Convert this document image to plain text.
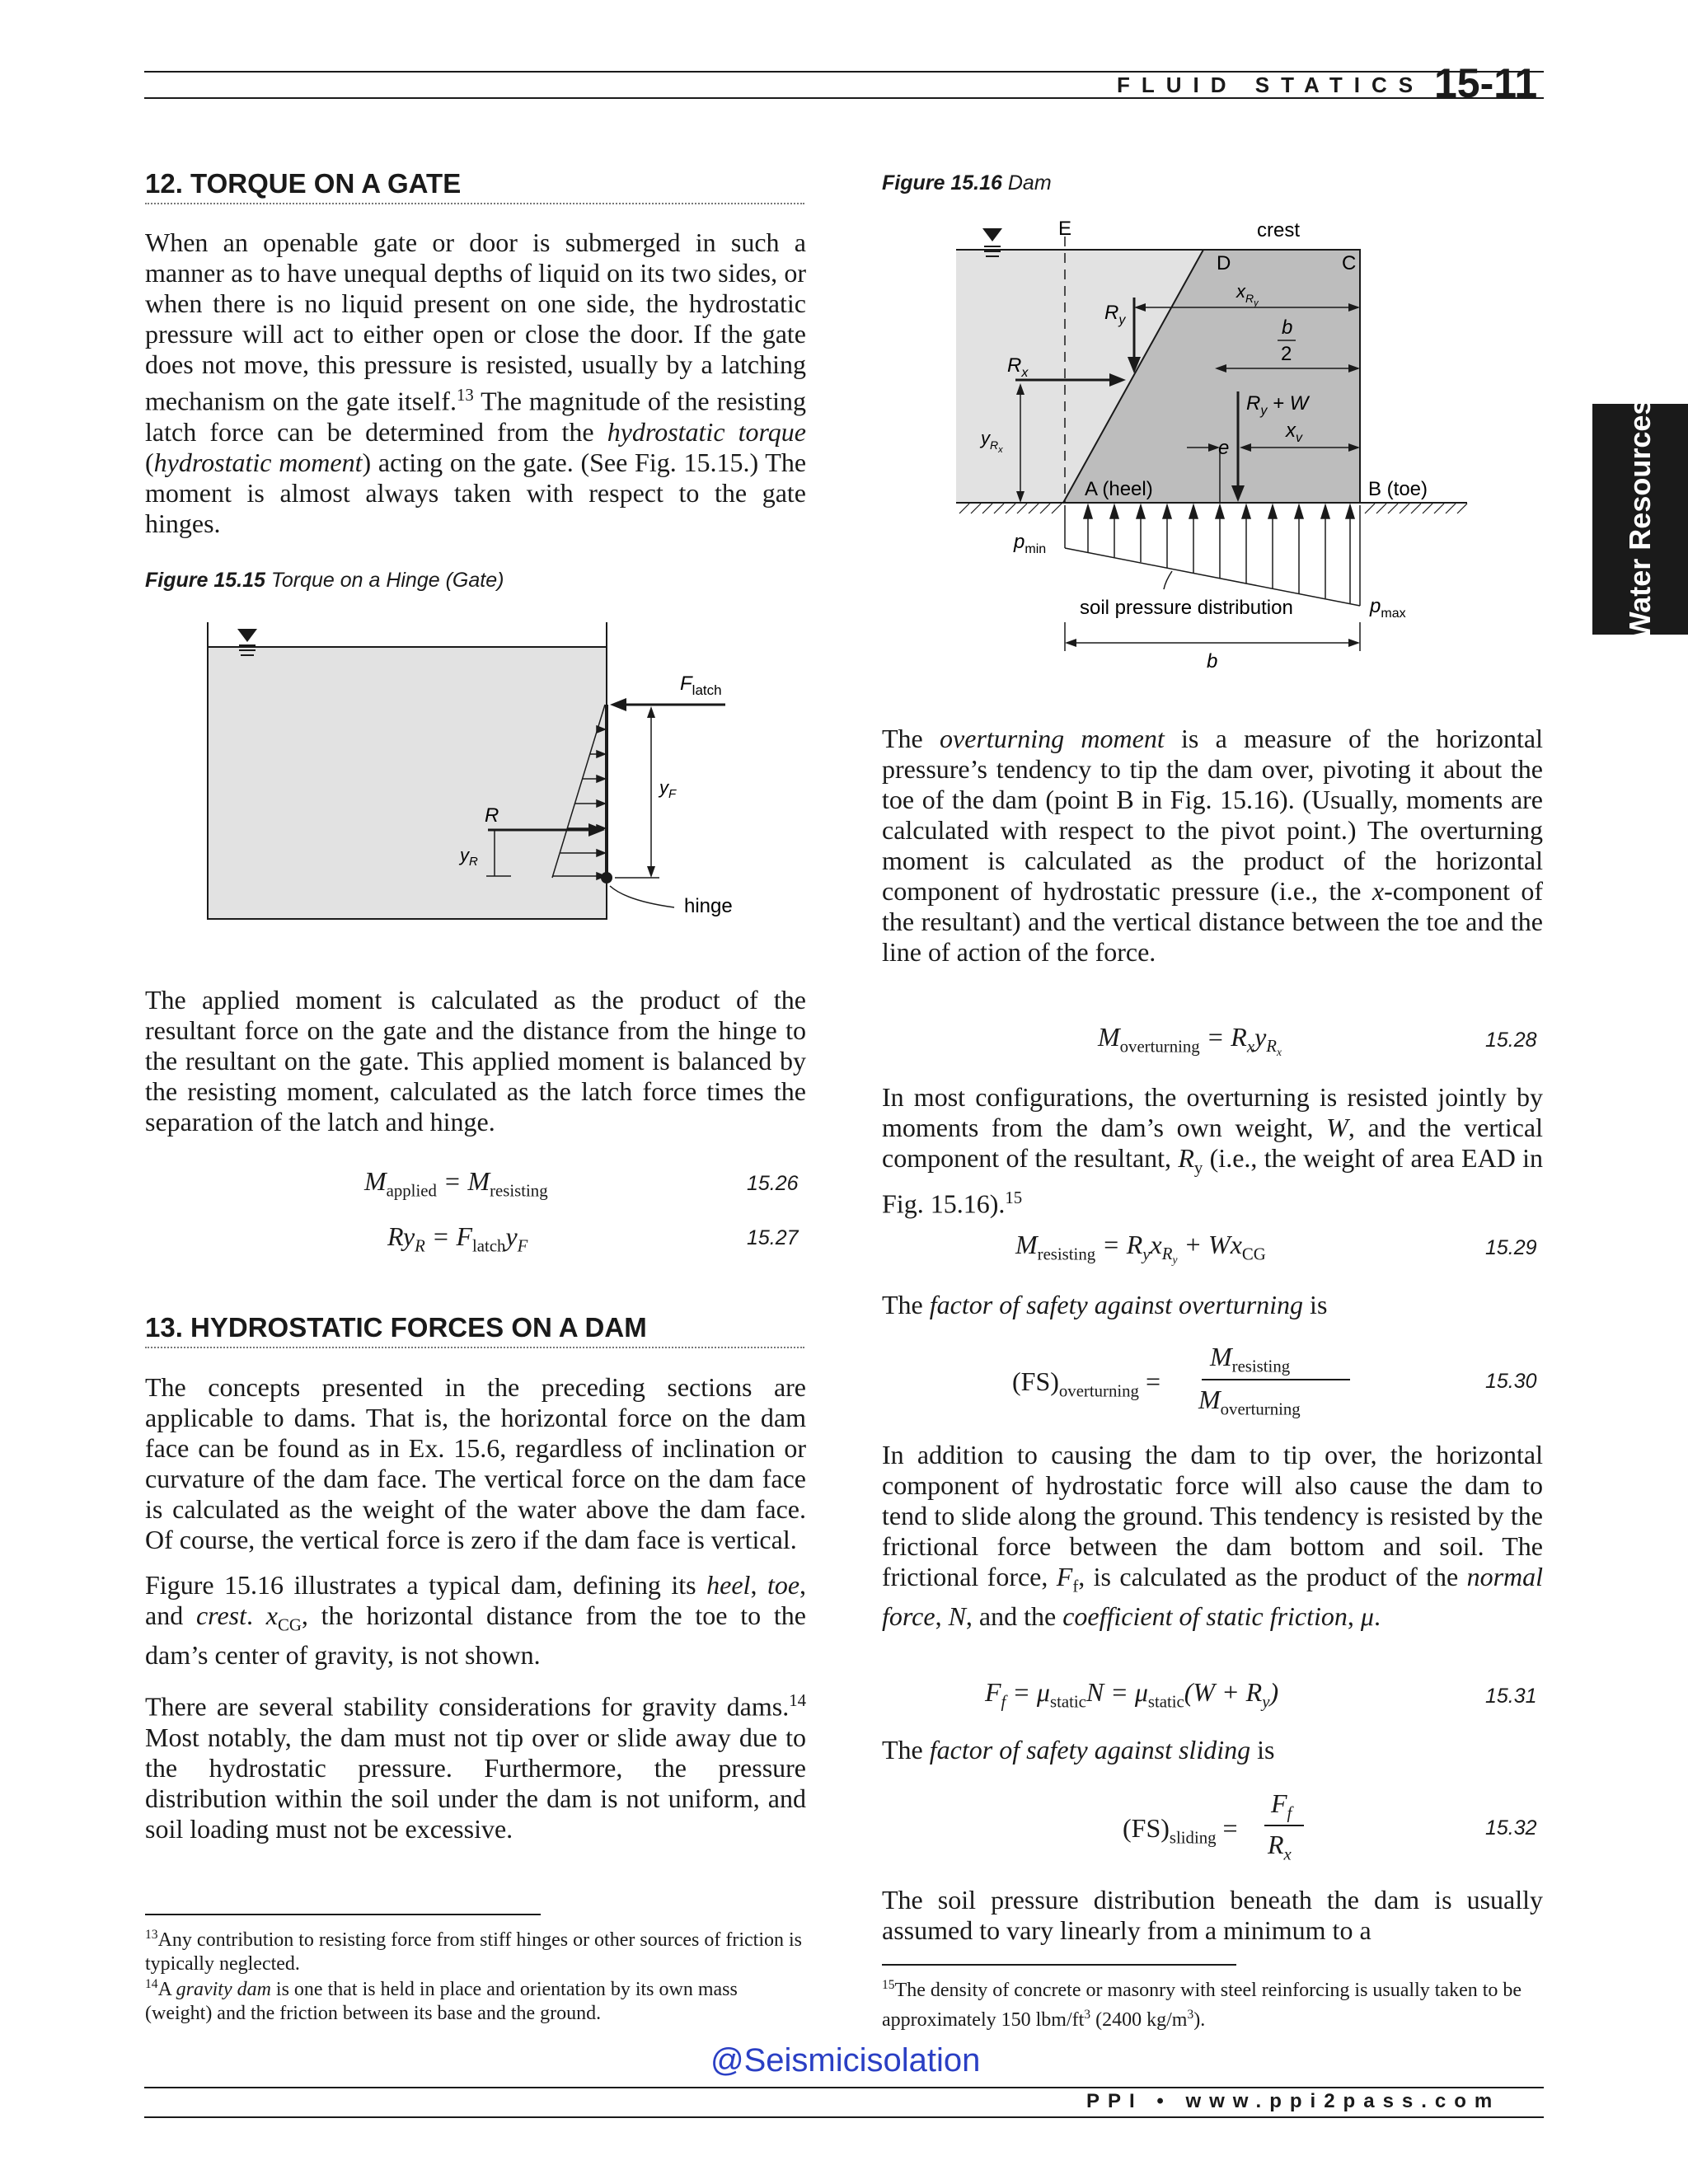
FLUID STATICS 15-11
Water Resources
12. TORQUE ON A GATE

When an openable gate or door is submerged in such a manner as to have unequal depths of liquid on its two sides, or when there is no liquid present on one side, the hydrostatic pressure will act to either open or close the door. If the gate does not move, this pressure is resisted, usually by a latching mechanism on the gate itself.$^{13}$ The magnitude of the resisting latch force can be determined from the hydrostatic torque (hydrostatic moment) acting on the gate. (See Fig. 15.15.) The moment is almost always taken with respect to the gate hinges.

Figure 15.15 Torque on a Hinge (Gate)
R
$y_R$
hinge
$F_{latch}$
$y_F$

The applied moment is calculated as the product of the resultant force on the gate and the distance from the hinge to the resultant on the gate. This applied moment is balanced by the resisting moment, calculated as the latch force times the separation of the latch and hinge.

$M_{applied} = M_{resisting}$	15.26
$Ry_R = F_{latch}y_F$	15.27
13. HYDROSTATIC FORCES ON A DAM

The concepts presented in the preceding sections are applicable to dams. That is, the horizontal force on the dam face can be found as in Ex. 15.6, regardless of inclination or curvature of the dam face. The vertical force on the dam face is calculated as the weight of the water above the dam face. Of course, the vertical force is zero if the dam face is vertical.

Figure 15.16 illustrates a typical dam, defining its heel, toe, and crest. $x_{CG}$, the horizontal distance from the toe to the dam’s center of gravity, is not shown.

There are several stability considerations for gravity dams.$^{14}$ Most notably, the dam must not tip over or slide away due to the hydrostatic pressure. Furthermore, the pressure distribution within the soil under the dam is not uniform, and soil loading must not be excessive.

$^{13}$Any contribution to resisting force from stiff hinges or other sources of friction is typically neglected.
$^{14}$A gravity dam is one that is held in place and orientation by its own mass (weight) and the friction between its base and the ground.
Figure 15.16 Dam
E	crest
D	C
$x_Ry$
b
2
$R_y$
$R_x$
$y_Rx$
$R_y + W$
$x_v$
e
A (heel)	B (toe)
$p_{min}$
$p_{max}$
soil pressure distribution
b

The overturning moment is a measure of the horizontal pressure’s tendency to tip the dam over, pivoting it about the toe of the dam (point B in Fig. 15.16). (Usually, moments are calculated with respect to the pivot point.) The overturning moment is calculated as the product of the horizontal component of hydrostatic pressure (i.e., the x-component of the resultant) and the vertical distance between the toe and the line of action of the force.

$M_{overturning} = R_xy_{R_x}$
15.28

In most configurations, the overturning is resisted jointly by moments from the dam’s own weight, W, and the vertical component of the resultant, $R_y$ (i.e., the weight of area EAD in Fig. 15.16).$^{15}$

$M_{resisting} = R_yx_{R_y} + Wx_{CG}$	15.29

The factor of safety against overturning is

$(FS)_{overturning}$ =
$M_{resisting}$
$M_{overturning}$
15.30

In addition to causing the dam to tip over, the horizontal component of hydrostatic force will also cause the dam to tend to slide along the ground. This tendency is resisted by the frictional force between the dam bottom and soil. The frictional force, $F_f$, is calculated as the product of the normal force, N, and the coefficient of static friction, μ.

$F_f = \mu_{static}N = \mu_{static}(W + R_y)$	15.31

The factor of safety against sliding is

$(FS)_{sliding}$ =
$F_f$
$R_x$
15.32

The soil pressure distribution beneath the dam is usually assumed to vary linearly from a minimum to a

$^{15}$The density of concrete or masonry with steel reinforcing is usually taken to be approximately 150 lbm/$ft^3$ (2400 $kg/m^3$).
@Seismicisolation
PPI • www.ppi2pass.com
